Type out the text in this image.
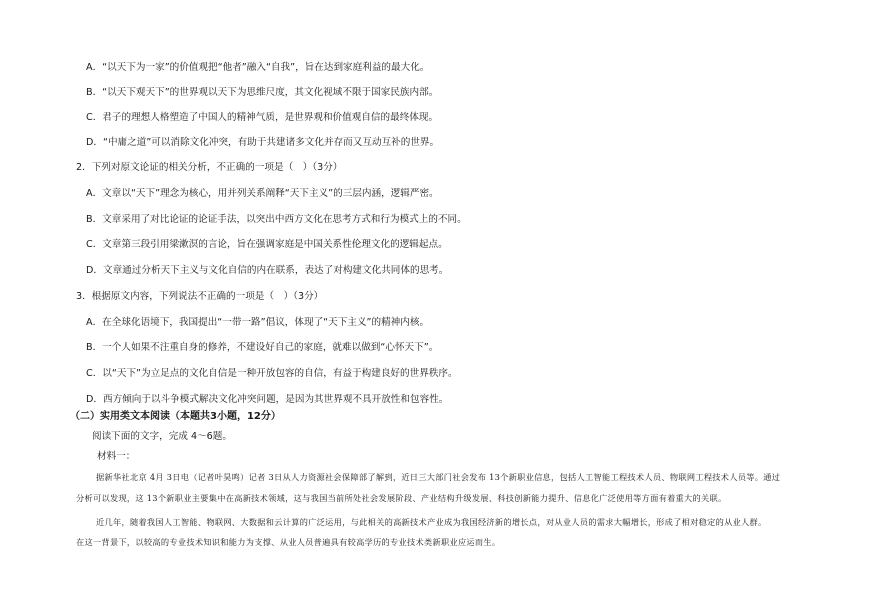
A．“以天下为一家”的价值观把“他者”融入“自我”，旨在达到家庭利益的最大化。
B．“以天下观天下”的世界观以天下为思维尺度，其文化视域不限于国家民族内部。
C．君子的理想人格塑造了中国人的精神气质，是世界观和价值观自信的最终体现。
D．“中庸之道”可以消除文化冲突，有助于共建诸多文化并存而又互动互补的世界。
2．下列对原文论证的相关分析，不正确的一项是（　）（3分）
A．文章以“天下”理念为核心，用并列关系阐释“天下主义”的三层内涵，逻辑严密。
B．文章采用了对比论证的论证手法，以突出中西方文化在思考方式和行为模式上的不同。
C．文章第三段引用梁漱溟的言论，旨在强调家庭是中国关系性伦理文化的逻辑起点。
D．文章通过分析天下主义与文化自信的内在联系，表达了对构建文化共同体的思考。
3．根据原文内容，下列说法不正确的一项是（　）（3分）
A．在全球化语境下，我国提出“一带一路”倡议，体现了“天下主义”的精神内核。
B．一个人如果不注重自身的修养，不建设好自己的家庭，就难以做到“心怀天下”。
C．以“天下”为立足点的文化自信是一种开放包容的自信，有益于构建良好的世界秩序。
D．西方倾向于以斗争模式解决文化冲突问题，是因为其世界观不具开放性和包容性。
（二）实用类文本阅读（本题共3小题，12分）
阅读下面的文字，完成 4～6题。
材料一：
据新华社北京 4月 3日电（记者叶昊鸣）记者 3日从人力资源社会保障部了解到，近日三大部门社会发布 13个新职业信息，包括人工智能工程技术人员、物联网工程技术人员等。通过
分析可以发现，这 13个新职业主要集中在高新技术领域，这与我国当前所处社会发展阶段、产业结构升级发展、科技创新能力提升、信息化广泛使用等方面有着重大的关联。
近几年，随着我国人工智能、物联网、大数据和云计算的广泛运用，与此相关的高新技术产业成为我国经济新的增长点，对从业人员的需求大幅增长，形成了相对稳定的从业人群。
在这一背景下，以较高的专业技术知识和能力为支撑、从业人员普遍具有较高学历的专业技术类新职业应运而生。
